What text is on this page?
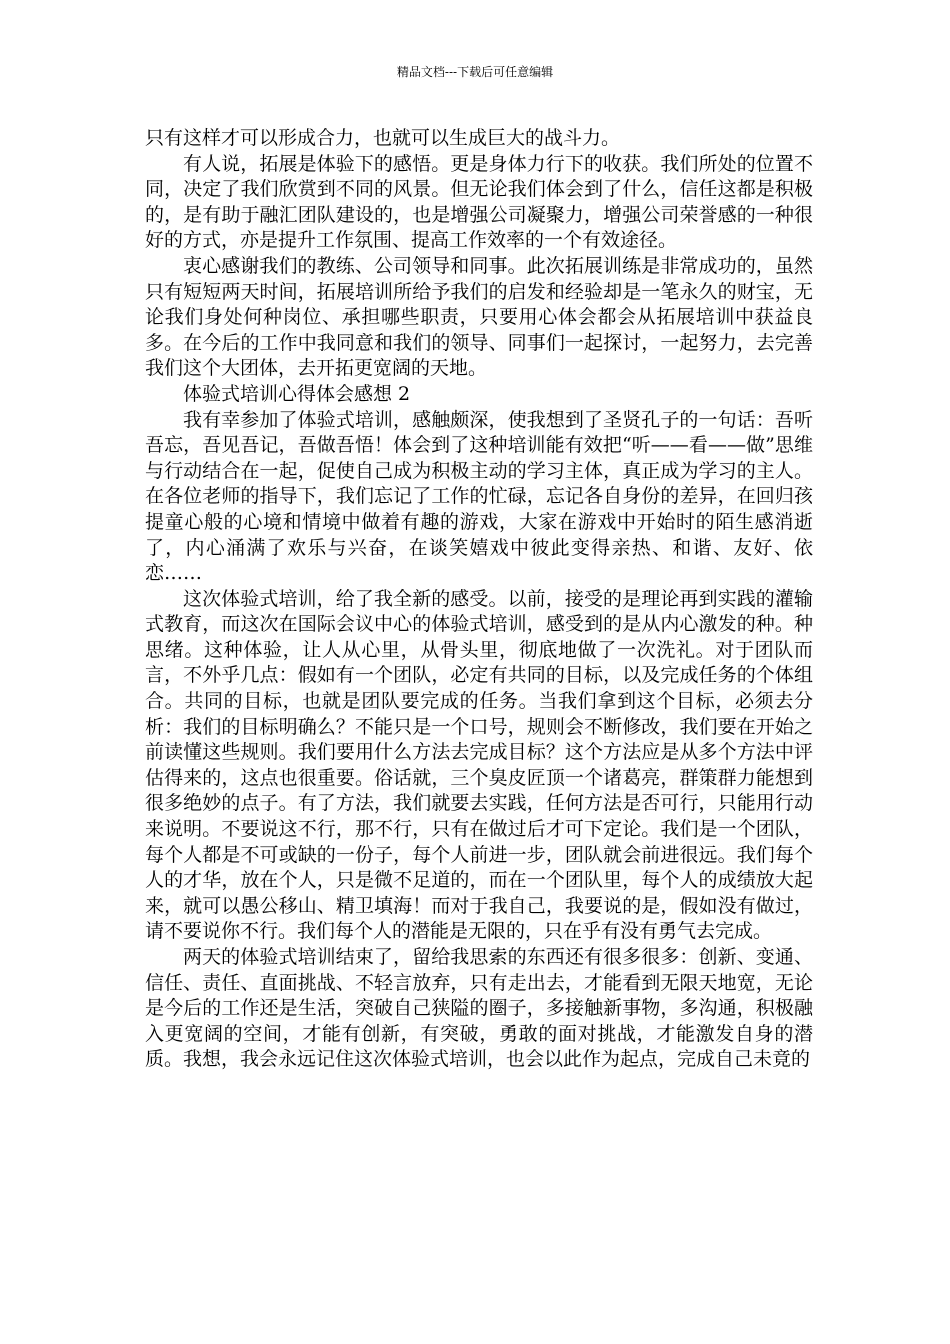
精品文档---下载后可任意编辑

只有这样才可以形成合力，也就可以生成巨大的战斗力。

有人说，拓展是体验下的感悟。更是身体力行下的收获。我们所处的位置不同，决定了我们欣赏到不同的风景。但无论我们体会到了什么，信任这都是积极的，是有助于融汇团队建设的，也是增强公司凝聚力，增强公司荣誉感的一种很好的方式，亦是提升工作氛围、提高工作效率的一个有效途径。

衷心感谢我们的教练、公司领导和同事。此次拓展训练是非常成功的，虽然只有短短两天时间，拓展培训所给予我们的启发和经验却是一笔永久的财宝，无论我们身处何种岗位、承担哪些职责，只要用心体会都会从拓展培训中获益良多。在今后的工作中我同意和我们的领导、同事们一起探讨，一起努力，去完善我们这个大团体，去开拓更宽阔的天地。

体验式培训心得体会感想 2

我有幸参加了体验式培训，感触颇深，使我想到了圣贤孔子的一句话：吾听吾忘，吾见吾记，吾做吾悟！体会到了这种培训能有效把“听——看——做”思维与行动结合在一起，促使自己成为积极主动的学习主体，真正成为学习的主人。在各位老师的指导下，我们忘记了工作的忙碌，忘记各自身份的差异，在回归孩提童心般的心境和情境中做着有趣的游戏，大家在游戏中开始时的陌生感消逝了，内心涌满了欢乐与兴奋，在谈笑嬉戏中彼此变得亲热、和谐、友好、依恋……

这次体验式培训，给了我全新的感受。以前，接受的是理论再到实践的灌输式教育，而这次在国际会议中心的体验式培训，感受到的是从内心激发的种。种思绪。这种体验，让人从心里，从骨头里，彻底地做了一次洗礼。对于团队而言，不外乎几点：假如有一个团队，必定有共同的目标，以及完成任务的个体组合。共同的目标，也就是团队要完成的任务。当我们拿到这个目标，必须去分析：我们的目标明确么？不能只是一个口号，规则会不断修改，我们要在开始之前读懂这些规则。我们要用什么方法去完成目标？这个方法应是从多个方法中评估得来的，这点也很重要。俗话就，三个臭皮匠顶一个诸葛亮，群策群力能想到很多绝妙的点子。有了方法，我们就要去实践，任何方法是否可行，只能用行动来说明。不要说这不行，那不行，只有在做过后才可下定论。我们是一个团队，每个人都是不可或缺的一份子，每个人前进一步，团队就会前进很远。我们每个人的才华，放在个人，只是微不足道的，而在一个团队里，每个人的成绩放大起来，就可以愚公移山、精卫填海！而对于我自己，我要说的是，假如没有做过，请不要说你不行。我们每个人的潜能是无限的，只在乎有没有勇气去完成。

两天的体验式培训结束了，留给我思索的东西还有很多很多：创新、变通、信任、责任、直面挑战、不轻言放弃，只有走出去，才能看到无限天地宽，无论是今后的工作还是生活，突破自己狭隘的圈子，多接触新事物，多沟通，积极融入更宽阔的空间，才能有创新，有突破，勇敢的面对挑战，才能激发自身的潜质。我想，我会永远记住这次体验式培训，也会以此作为起点，完成自己未竟的
